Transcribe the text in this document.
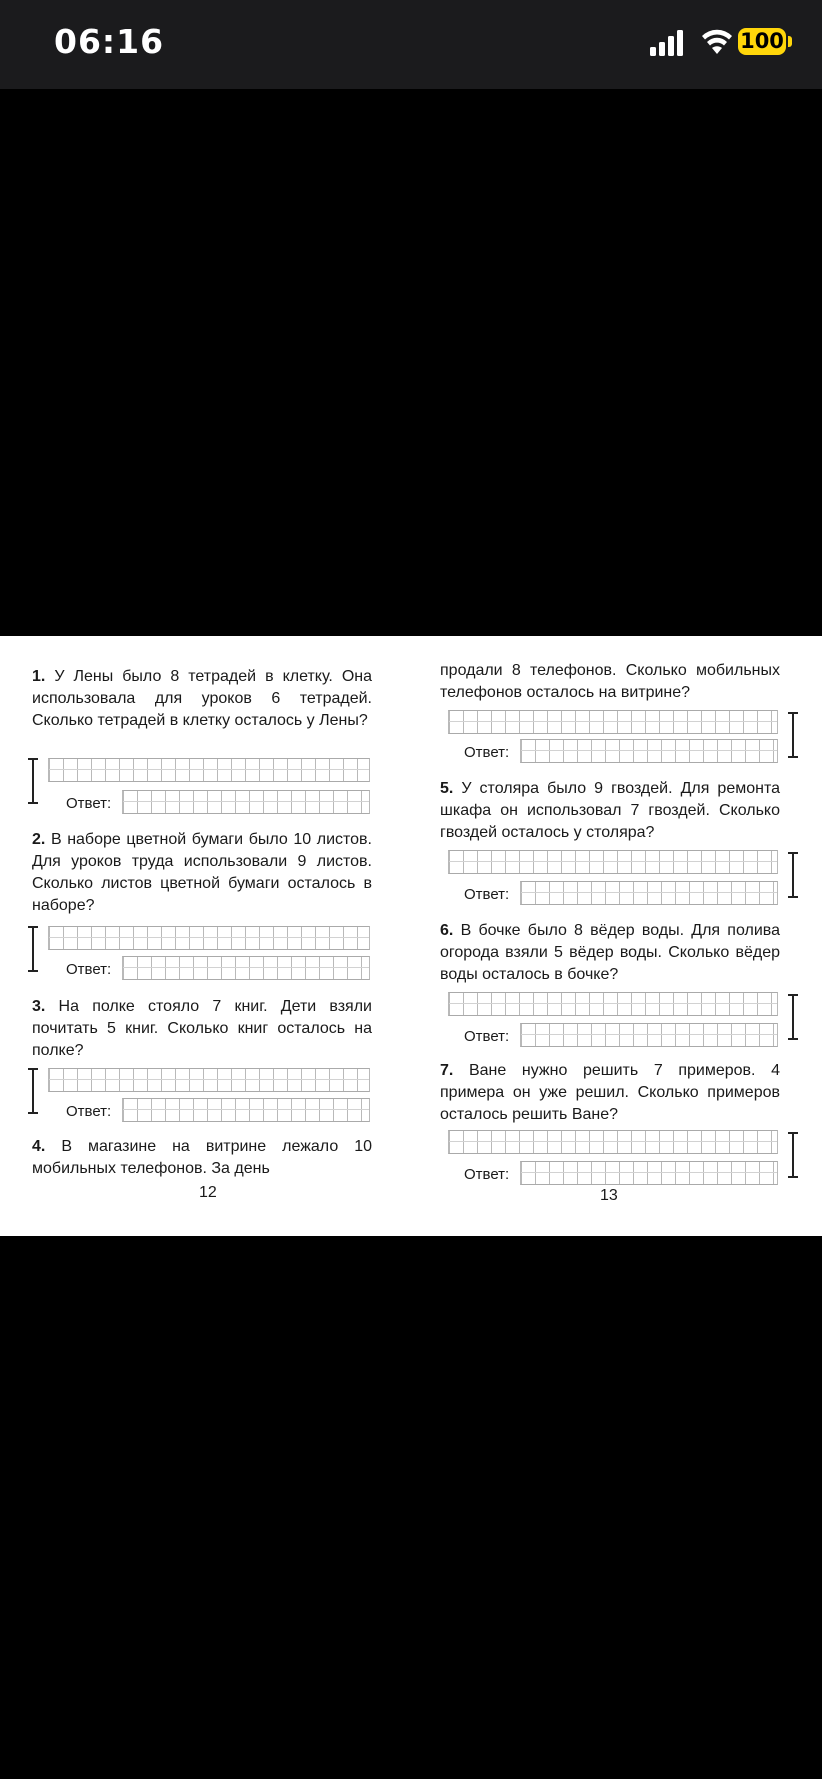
06:16	100

1. У Лены было 8 тетрадей в клетку. Она использовала для уроков 6 тетрадей. Сколько тетрадей в клетку осталось у Лены?

Ответ:

2. В наборе цветной бумаги было 10 листов. Для уроков труда использовали 9 листов. Сколько листов цветной бумаги осталось в наборе?

Ответ:

3. На полке стояло 7 книг. Дети взяли почитать 5 книг. Сколько книг осталось на полке?

Ответ:

4. В магазине на витрине лежало 10 мобильных телефонов. За день

12

продали 8 телефонов. Сколько мобильных телефонов осталось на витрине?

Ответ:

5. У столяра было 9 гвоздей. Для ремонта шкафа он использовал 7 гвоздей. Сколько гвоздей осталось у столяра?

Ответ:

6. В бочке было 8 вёдер воды. Для полива огорода взяли 5 вёдер воды. Сколько вёдер воды осталось в бочке?

Ответ:

7. Ване нужно решить 7 примеров. 4 примера он уже решил. Сколько примеров осталось решить Ване?

Ответ:
13
